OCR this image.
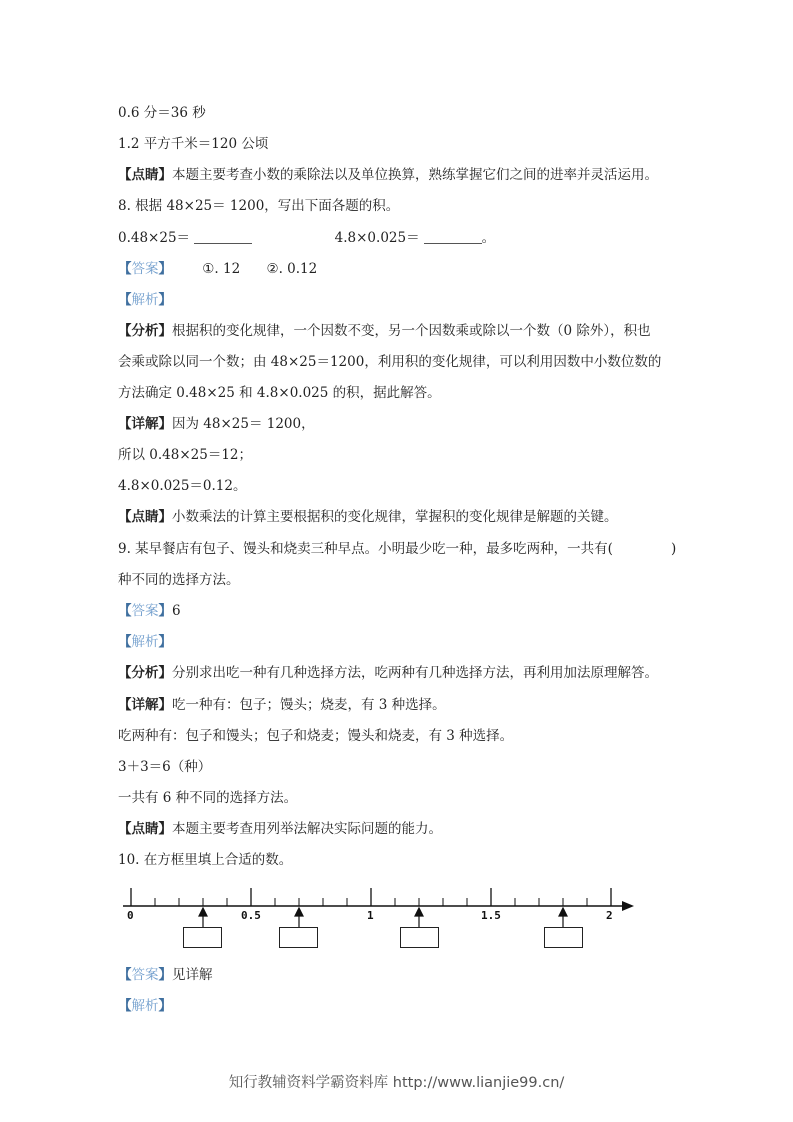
0.6 分＝36 秒
1.2 平方千米＝120 公顷
【点睛】本题主要考查小数的乘除法以及单位换算，熟练掌握它们之间的进率并灵活运用。
8. 根据 48×25＝ 1200，写出下面各题的积。
0.48×25＝	4.8×0.025＝	。
【答案】 ①. 12 ②. 0.12
【解析】
【分析】根据积的变化规律，一个因数不变，另一个因数乘或除以一个数（0 除外），积也
会乘或除以同一个数；由 48×25＝1200，利用积的变化规律，可以利用因数中小数位数的
方法确定 0.48×25 和 4.8×0.025 的积，据此解答。
【详解】因为 48×25＝ 1200，
所以 0.48×25＝12；
4.8×0.025＝0.12。
【点睛】小数乘法的计算主要根据积的变化规律，掌握积的变化规律是解题的关键。
9. 某早餐店有包子、馒头和烧卖三种早点。小明最少吃一种，最多吃两种，一共有(	)
种不同的选择方法。
【答案】6
【解析】
【分析】分别求出吃一种有几种选择方法，吃两种有几种选择方法，再利用加法原理解答。
【详解】吃一种有：包子；馒头；烧麦，有 3 种选择。
吃两种有：包子和馒头；包子和烧麦；馒头和烧麦，有 3 种选择。
3＋3＝6（种）
一共有 6 种不同的选择方法。
【点睛】本题主要考查用列举法解决实际问题的能力。
10. 在方框里填上合适的数。
0	0.5	1	1.5	2
【答案】见详解
【解析】
知行教辅资料学霸资料库 http://www.lianjie99.cn/
